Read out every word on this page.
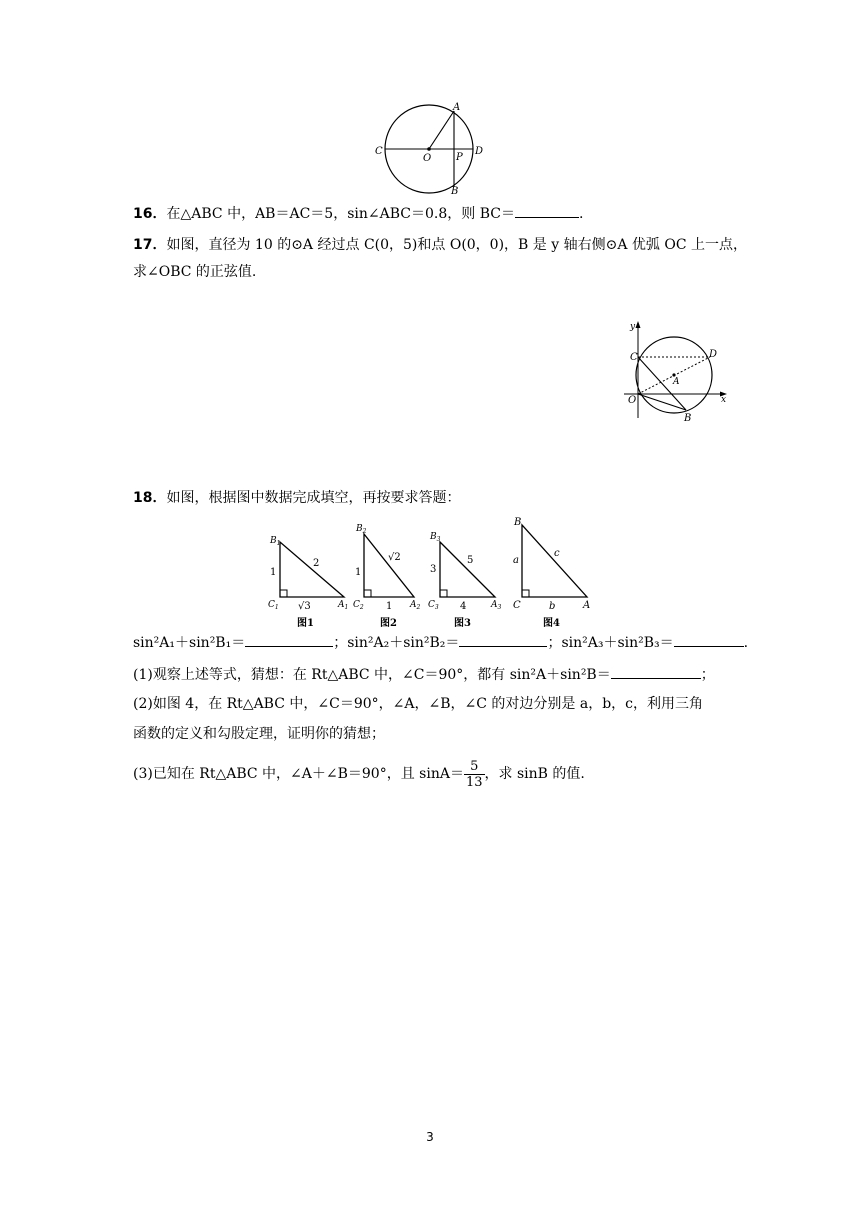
A
B
C	D
O P
16．在△ABC 中，AB＝AC＝5，sin∠ABC＝0.8，则 BC＝	.
17．如图，直径为 10 的⊙A 经过点 C(0，5)和点 O(0，0)，B 是 y 轴右侧⊙A 优弧 OC 上一点，
求∠OBC 的正弦值.
y
x
C	D
A
O
B
18．如图，根据图中数据完成填空，再按要求答题：
$B_1$
$C_1$	$A_1$
1
2
√3
图1
$B_2$
$C_2$	$A_2$
1
√2
1
图2
$B_3$
$C_3$	$A_3$
3
5
4
图3
B
C	A
a
c
b
图4
sin²A₁＋sin²B₁＝	；sin²A₂＋sin²B₂＝	；sin²A₃＋sin²B₃＝	.
(1)观察上述等式，猜想：在 Rt△ABC 中，∠C＝90°，都有 sin²A＋sin²B＝	；
(2)如图 4，在 Rt△ABC 中，∠C＝90°，∠A，∠B，∠C 的对边分别是 a，b，c，利用三角
函数的定义和勾股定理，证明你的猜想；
(3)已知在 Rt△ABC 中，∠A＋∠B＝90°，且 $\sin A= \frac{5}{13}$ ，求 sinB 的值.
3
